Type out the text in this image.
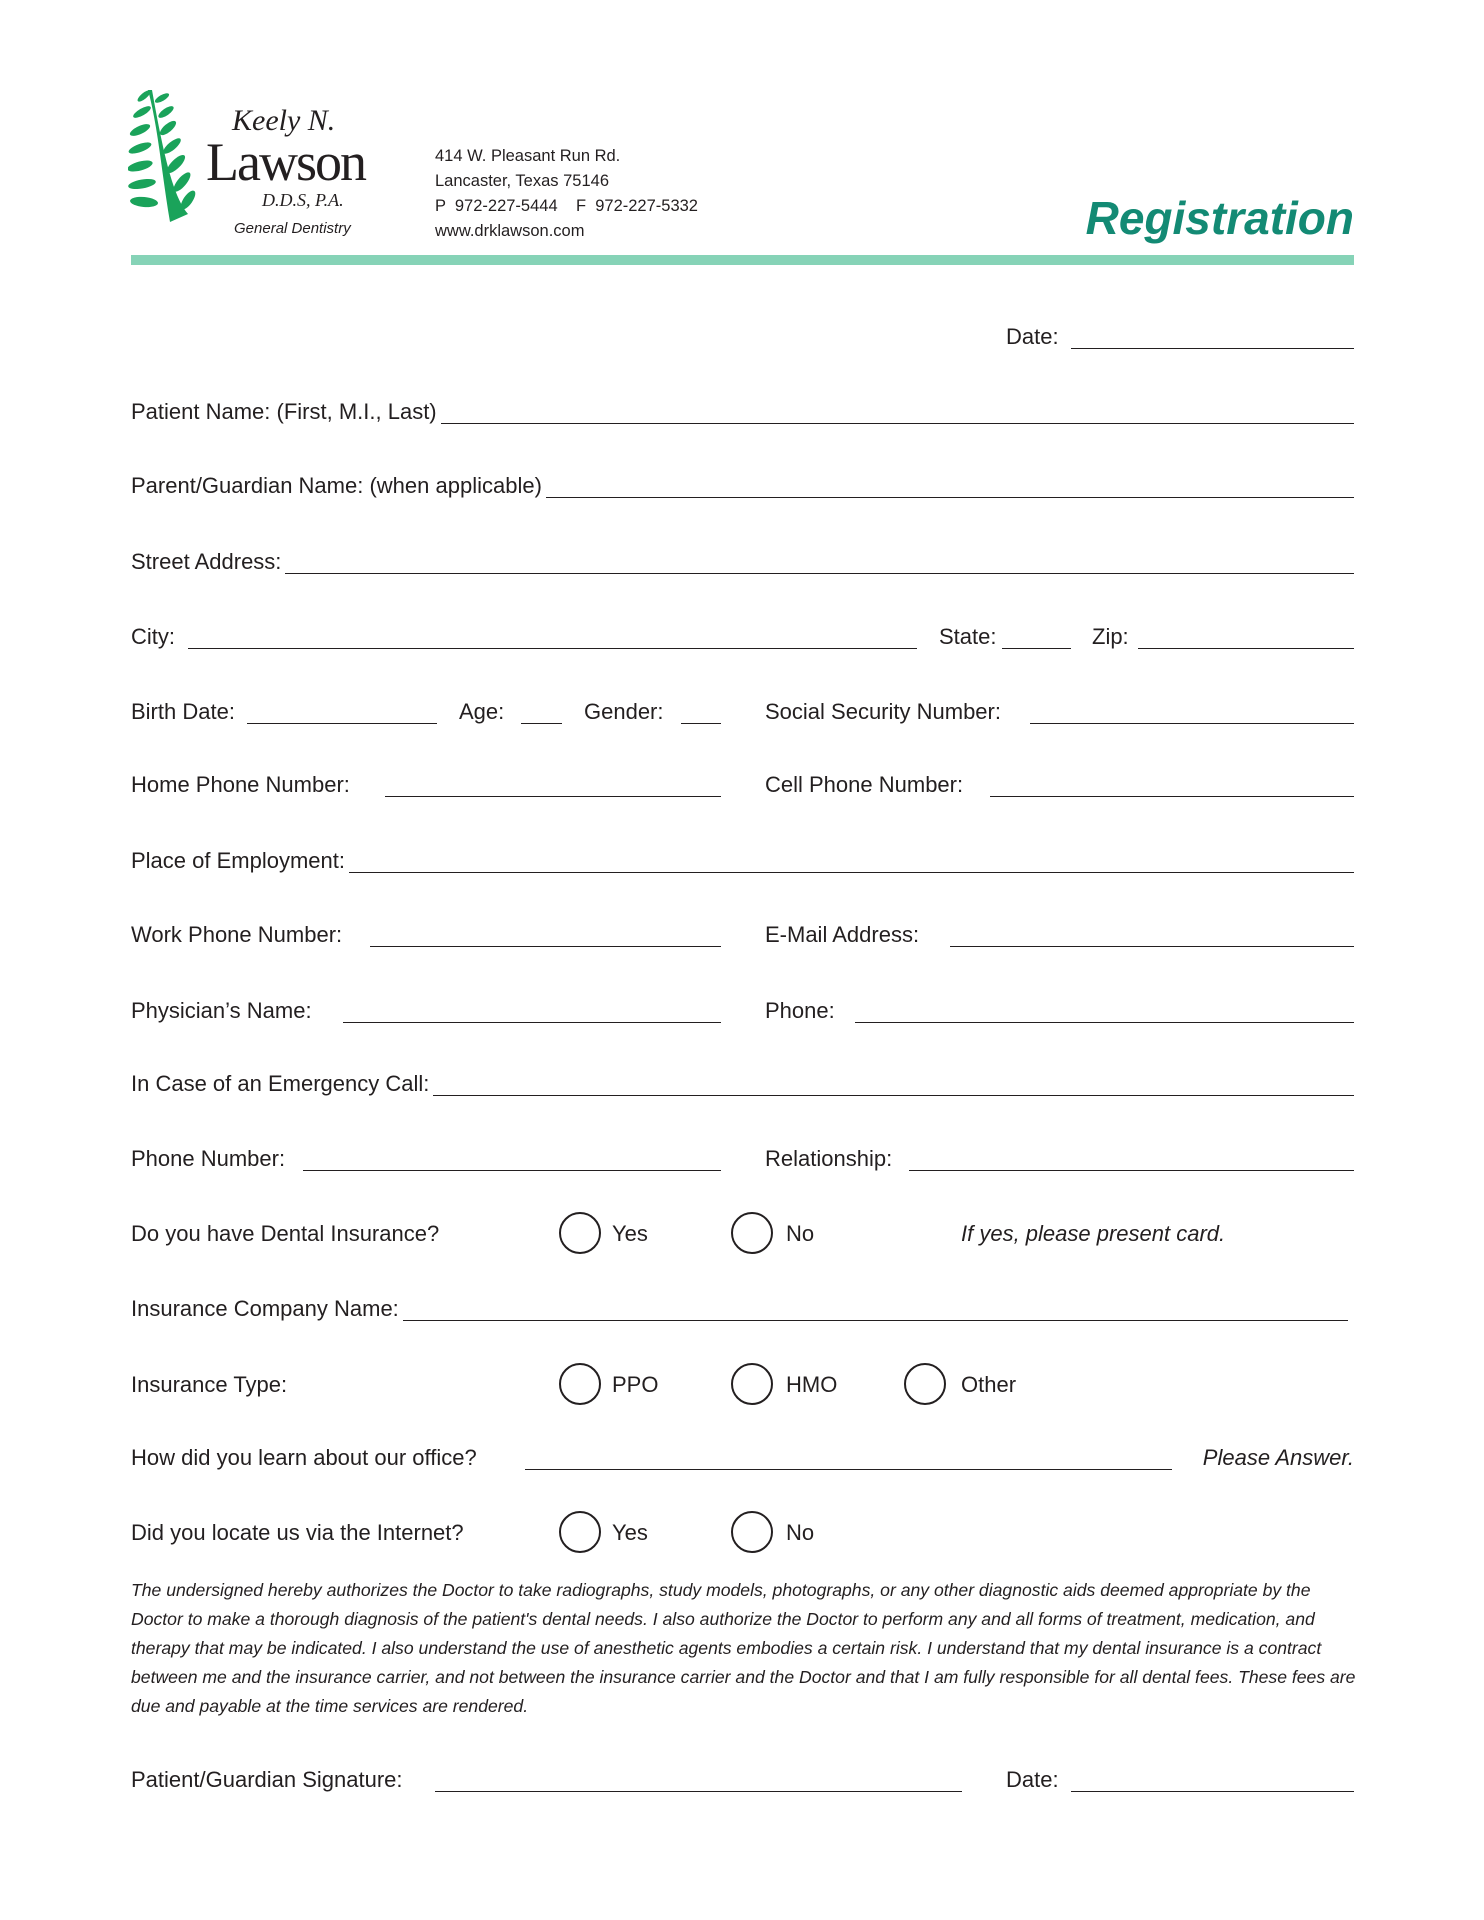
Keely N.
Lawson
D.D.S, P.A.
General Dentistry
414 W. Pleasant Run Rd.
Lancaster, Texas 75146
P  972-227-5444    F  972-227-5332
www.drklawson.com	Registration
Date:
Patient Name: (First, M.I., Last)
Parent/Guardian Name: (when applicable)
Street Address:
City:	State:	Zip:
Birth Date:	Age:	Gender:	Social Security Number:
Home Phone Number:	Cell Phone Number:
Place of Employment:
Work Phone Number:	E-Mail Address:
Physician’s Name:	Phone:
In Case of an Emergency Call:
Phone Number:	Relationship:
Do you have Dental Insurance?	Yes	No	If yes, please present card.
Insurance Company Name:
Insurance Type:	PPO	HMO	Other
How did you learn about our office?	Please Answer.
Did you locate us via the Internet?	Yes	No
The undersigned hereby authorizes the Doctor to take radiographs, study models, photographs, or any other diagnostic aids deemed appropriate by the Doctor to make a thorough diagnosis of the patient's dental needs. I also authorize the Doctor to perform any and all forms of treatment, medication, and therapy that may be indicated. I also understand the use of anesthetic agents embodies a certain risk. I understand that my dental insurance is a contract between me and the insurance carrier, and not between the insurance carrier and the Doctor and that I am fully responsible for all dental fees. These fees are due and payable at the time services are rendered.
Patient/Guardian Signature:	Date:
